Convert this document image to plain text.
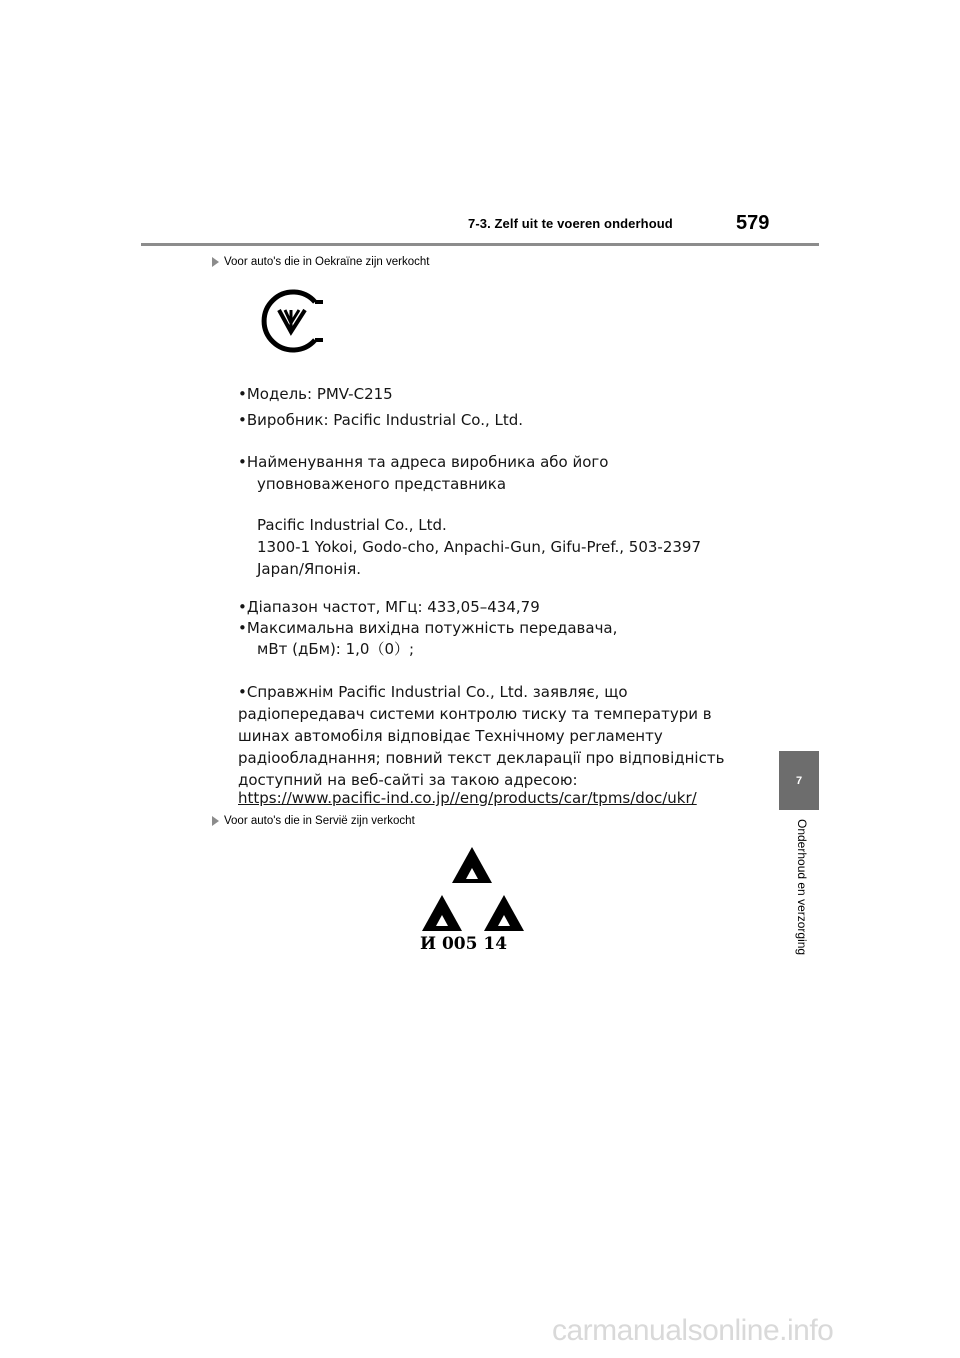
7-3. Zelf uit te voeren onderhoud	579
7
Onderhoud en verzorging
Voor auto's die in Oekraïne zijn verkocht
•Модель: PMV-C215
•Виробник: Pacific Industrial Co., Ltd.
•Найменування та адреса виробника або його
уповноваженого представника
Pacific Industrial Co., Ltd.
1300-1 Yokoi, Godo-cho, Anpachi-Gun, Gifu-Pref., 503-2397
Japan/Японія.
•Діапазон частот, МГц: 433,05–434,79
•Максимальна вихідна потужність передавача,
мВт (дБм): 1,0（0）;
•Справжнім Pacific Industrial Co., Ltd. заявляє, що
радіопередавач системи контролю тиску та температури в
шинах автомобіля відповідає Технічному регламенту
радіообладнання; повний текст декларації про відповідність
доступний на веб-сайті за такою адресою:
https://www.pacific-ind.co.jp//eng/products/car/tpms/doc/ukr/
Voor auto's die in Servië zijn verkocht
И 005 14
carmanualsonline.info
